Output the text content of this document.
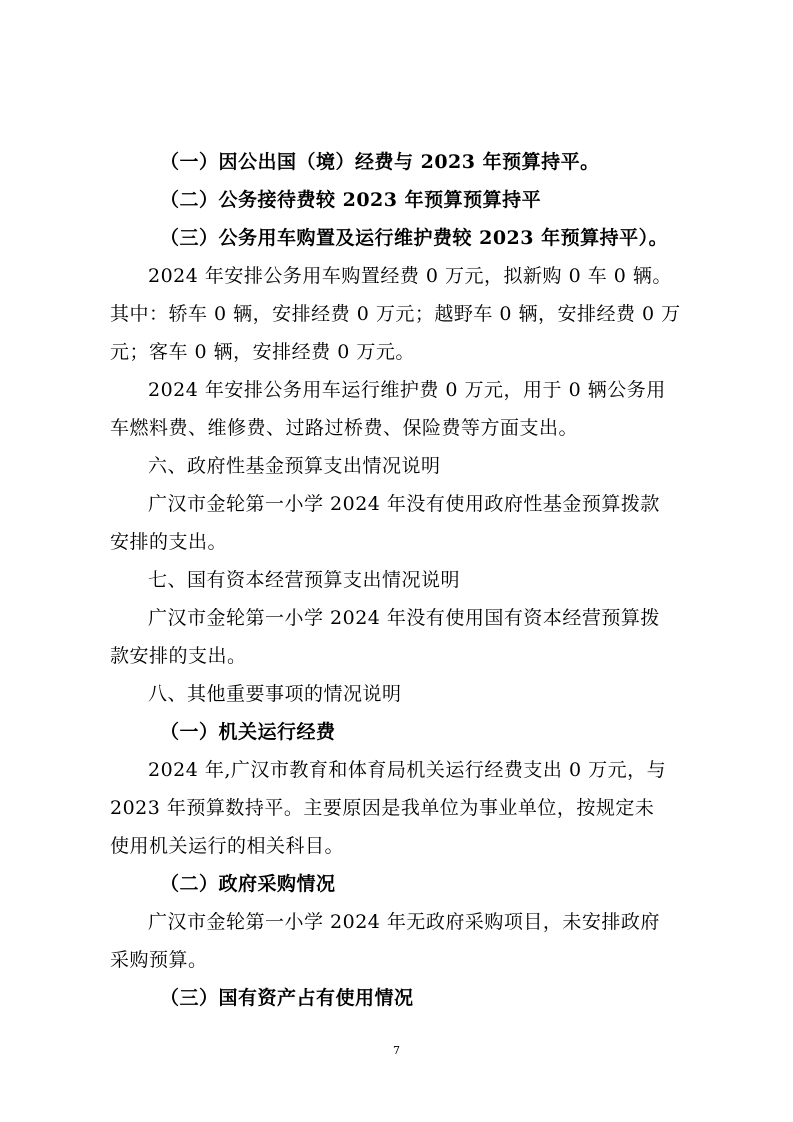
（一）因公出国（境）经费与 2023 年预算持平。

（二）公务接待费较 2023 年预算预算持平

（三）公务用车购置及运行维护费较 2023 年预算持平）。

2024 年安排公务用车购置经费 0 万元，拟新购 0 车 0 辆。

其中：轿车 0 辆，安排经费 0 万元；越野车 0 辆，安排经费 0 万

元；客车 0 辆，安排经费 0 万元。

2024 年安排公务用车运行维护费 0 万元，用于 0 辆公务用

车燃料费、维修费、过路过桥费、保险费等方面支出。

六、政府性基金预算支出情况说明

广汉市金轮第一小学 2024 年没有使用政府性基金预算拨款

安排的支出。

七、国有资本经营预算支出情况说明

广汉市金轮第一小学 2024 年没有使用国有资本经营预算拨

款安排的支出。

八、其他重要事项的情况说明

（一）机关运行经费

2024 年,广汉市教育和体育局机关运行经费支出 0 万元，与

2023 年预算数持平。主要原因是我单位为事业单位，按规定未

使用机关运行的相关科目。

（二）政府采购情况

广汉市金轮第一小学 2024 年无政府采购项目，未安排政府

采购预算。

（三）国有资产占有使用情况

7
